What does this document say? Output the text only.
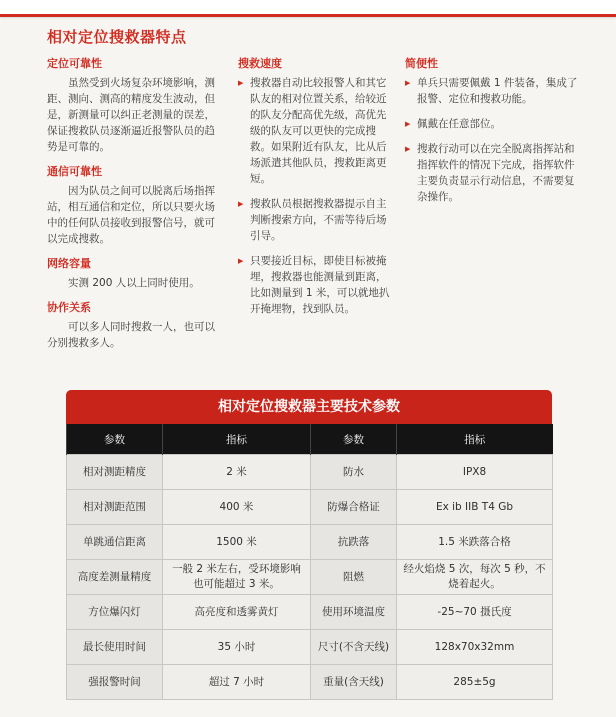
相对定位搜救器特点
定位可靠性
虽然受到火场复杂环境影响，测距、测向、测高的精度发生波动，但是，新测量可以纠正老测量的误差，保证搜救队员逐渐逼近报警队员的趋势是可靠的。
通信可靠性
因为队员之间可以脱离后场指挥站，相互通信和定位，所以只要火场中的任何队员接收到报警信号，就可以完成搜救。
网络容量
实测 200 人以上同时使用。
协作关系
可以多人同时搜救一人，也可以分别搜救多人。
搜救速度
▶ 搜救器自动比较报警人和其它队友的相对位置关系，给较近的队友分配高优先级，高优先级的队友可以更快的完成搜救。如果附近有队友，比从后场派遣其他队员，搜救距离更短。
▶ 搜救队员根据搜救器提示自主判断搜索方向，不需等待后场引导。
▶ 只要接近目标，即使目标被掩埋，搜救器也能测量到距离，比如测量到 1 米，可以就地扒开掩埋物，找到队员。
简便性
▶ 单兵只需要佩戴 1 件装备，集成了报警、定位和搜救功能。
▶ 佩戴在任意部位。
▶ 搜救行动可以在完全脱离指挥站和指挥软件的情况下完成，指挥软件主要负责显示行动信息，不需要复杂操作。
相对定位搜救器主要技术参数
参数	指标	参数	指标
相对测距精度	2 米	防水	IPX8
相对测距范围	400 米	防爆合格证	Ex ib IIB T4 Gb
单跳通信距离	1500 米	抗跌落	1.5 米跌落合格
高度差测量精度	一般 2 米左右，受环境影响也可能超过 3 米。	阻燃	经火焰烧 5 次，每次 5 秒，不烧着起火。
方位爆闪灯	高亮度和透雾黄灯	使用环境温度	-25~70 摄氏度
最长使用时间	35 小时	尺寸(不含天线)	128x70x32mm
强报警时间	超过 7 小时	重量(含天线)	285±5g
